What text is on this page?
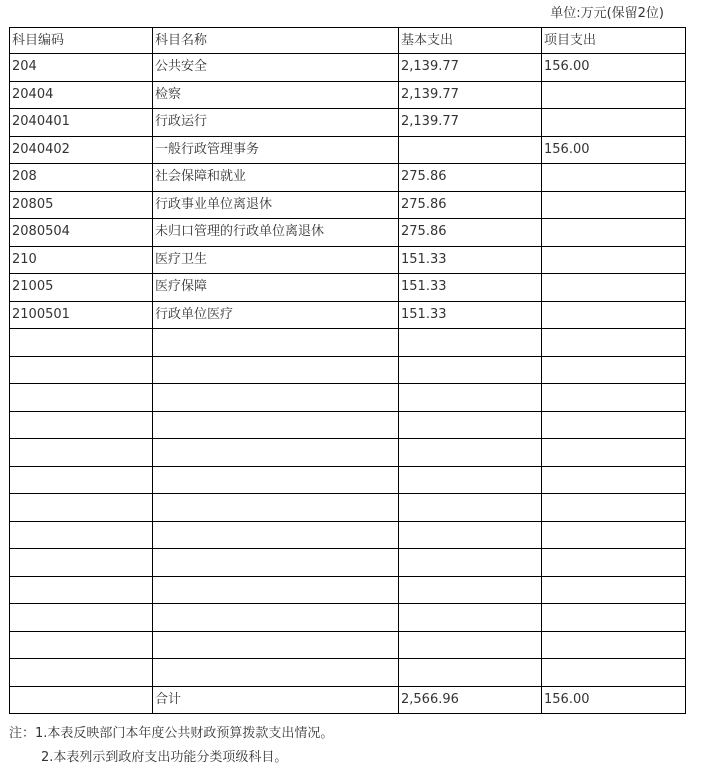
单位:万元(保留2位)
科目编码	科目名称	基本支出	项目支出
204	公共安全	2,139.77	156.00
20404	检察	2,139.77	
2040401	行政运行	2,139.77	
2040402	一般行政管理事务		156.00
208	社会保障和就业	275.86	
20805	行政事业单位离退休	275.86	
2080504	未归口管理的行政单位离退休	275.86	
210	医疗卫生	151.33	
21005	医疗保障	151.33	
2100501	行政单位医疗	151.33	

	合计	2,566.96	156.00
注：1.本表反映部门本年度公共财政预算拨款支出情况。
2.本表列示到政府支出功能分类项级科目。
